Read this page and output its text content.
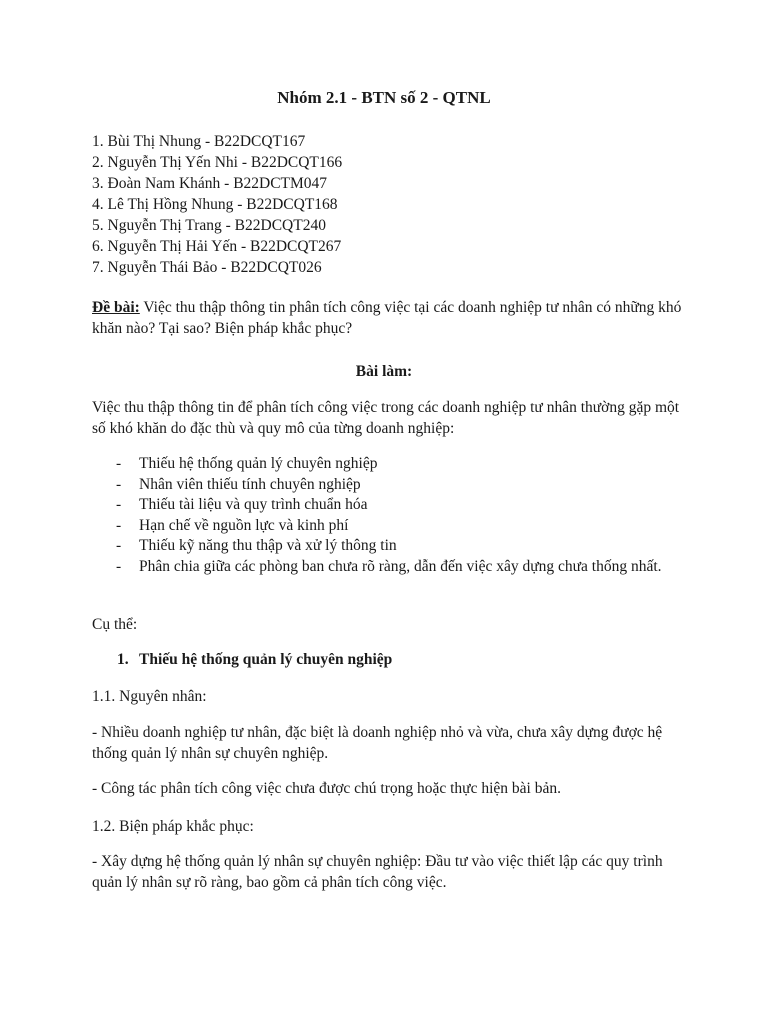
Nhóm 2.1 - BTN số 2 - QTNL
1. Bùi Thị Nhung - B22DCQT167
2. Nguyễn Thị Yến Nhi - B22DCQT166
3. Đoàn Nam Khánh - B22DCTM047
4. Lê Thị Hồng Nhung - B22DCQT168
5. Nguyễn Thị Trang - B22DCQT240
6. Nguyễn Thị Hải Yến - B22DCQT267
7. Nguyễn Thái Bảo - B22DCQT026

Đề bài: Việc thu thập thông tin phân tích công việc tại các doanh nghiệp tư nhân có những khó khăn nào? Tại sao? Biện pháp khắc phục?

Bài làm:

Việc thu thập thông tin để phân tích công việc trong các doanh nghiệp tư nhân thường gặp một số khó khăn do đặc thù và quy mô của từng doanh nghiệp:

- Thiếu hệ thống quản lý chuyên nghiệp
- Nhân viên thiếu tính chuyên nghiệp
- Thiếu tài liệu và quy trình chuẩn hóa
- Hạn chế về nguồn lực và kinh phí
- Thiếu kỹ năng thu thập và xử lý thông tin
- Phân chia giữa các phòng ban chưa rõ ràng, dẫn đến việc xây dựng chưa thống nhất.

Cụ thể:

1. Thiếu hệ thống quản lý chuyên nghiệp

1.1. Nguyên nhân:

- Nhiều doanh nghiệp tư nhân, đặc biệt là doanh nghiệp nhỏ và vừa, chưa xây dựng được hệ thống quản lý nhân sự chuyên nghiệp.

- Công tác phân tích công việc chưa được chú trọng hoặc thực hiện bài bản.

1.2. Biện pháp khắc phục:

- Xây dựng hệ thống quản lý nhân sự chuyên nghiệp: Đầu tư vào việc thiết lập các quy trình quản lý nhân sự rõ ràng, bao gồm cả phân tích công việc.
